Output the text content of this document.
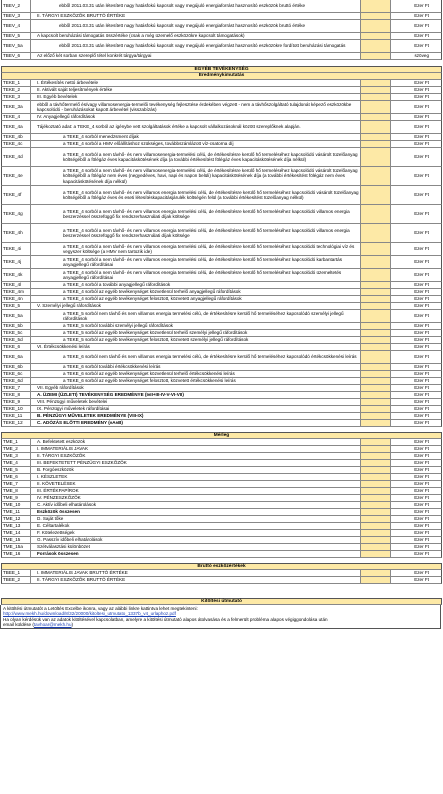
TBEV_2	ebből 2011.03.31 után létesített nagy hatásfokú kapcsolt vagy megújuló energiaforrást hasznosító eszközök bruttó értéke	Ezer Ft
TBEV_3	II. TÁRGYI ESZKÖZÖK BRUTTÓ ÉRTÉKE	Ezer Ft
TBEV_4	ebből 2011.03.31 után létesített nagy hatásfokú kapcsolt vagy megújuló energiaforrást hasznosító eszközök bruttó értéke	Ezer Ft
TBEV_5	A kapcsolt beruházási támogatás összértéke (csak a még üzemelő eszközökre kapcsolt támogatások)	Ezer Ft
TBEV_5a	ebből 2011.03.31 után létesített nagy hatásfokú kapcsolt vagy megújuló energiaforrást hasznosító eszközökre fordított beruházási támogatás	Ezer Ft
TBEV_6	Az előző két sorban szereplő tétel konkrét tárgya/tárgyai	szöveg
EGYÉB TEVÉKENYSÉG
Eredménykimutatás
TEKE_1	I. Értékesítés nettó árbevétele	Ezer Ft
TEKE_2	II. Aktivált saját teljesítmények értéke	Ezer Ft
TEKE_3	III. Egyéb bevételek	Ezer Ft
TEKE_3a
ebből a távhőtermelő és/vagy villamosenergia-termelői tevékenység fejlesztése érdekében végzett - nem a távhőszolgáltató tulajdonát képező eszközökbe kapcsolódó - beruházásokat kapott árbevétel (visszabízás)
Ezer Ft
TEKE_4	IV. Anyagjellegű ráfordítások	Ezer Ft
TEKE_4a	Tájékoztató adat: a TEKE_4 sorból az igénybe vett szolgáltatások értéke a kapcsolt vállalkozásoknál között szereplőknek alapján.	Ezer Ft
TEKE_4b	a TEKE_4 sorból menedzsment díjak	Ezer Ft
TEKE_4c	a TEKE_4 sorból a HMV előállításhoz szükséges, továbbszámlázott víz-csatorna díj	Ezer Ft
TEKE_4d
a TEKE_4 sorból a nem távhő- és nem villamosenergia-termelési célú, de értékesítésre kerülő hő termeléséhez kapcsolódó vásárolt tüzelőanyag költségéből a fölégáz éves kapacitáskötésének díja (a további értékesítést fölégáz éves kapacitáskötésének díja nélkül)
Ezer Ft
TEKE_4e
a TEKE_4 sorból a nem távhő- és nem villamosenergia-termelési célú, de értékesítésre kerülő hő termeléséhez kapcsolódó vásárolt tüzelőanyag költségéből a fölégáz nem éves (negyedéves, havi, napi és napon belüli) kapacitáskötésének díja (a további értékesítést fölégáz nem éves kapacitáskötésének díja nélkül)
Ezer Ft
TEKE_4f
a TEKE_4 sorból a nem távhő- és nem villamos energia termelési célú, de értékesítésre kerülő hő termeléséhez kapcsolódó vásárolt tüzelőanyag költségéből a fölégáz éves és eseti létesítéskapacitásjárulék költségén felül (a további értékesítést tüzelőanyag nélkül)
Ezer Ft
TEKE_4g
a TEKE_4 sorból a nem távhő- és nem villamos energia termelési célú, de értékesítésre kerülő hő termeléséhez kapcsolódó villamos energia beszerzéssel összefüggő fix rendszerhasználati díjak költsége
Ezer Ft
TEKE_4h
a TEKE_4 sorból a nem távhő- és nem villamos energia termelési célú, de értékesítésre kerülő hő termeléséhez kapcsolódó villamos energia beszerzéssel összefüggő fix rendszerhasználati díjak költsége
Ezer Ft
TEKE_4i
a TEKE_4 sorból a nem távhő- és nem villamos energia termelési célú, de értékesítésre kerülő hő termeléséhez kapcsolódó technológiai víz és vegyszer költsége (a HMV nem tartozik ide)
Ezer Ft
TEKE_4j
a TEKE_4 sorból a nem távhő- és nem villamos energia termelési célú, de értékesítésre kerülő hő termeléséhez kapcsolódó karbantartás anyagjellegű ráfordításai
Ezer Ft
TEKE_4k
a TEKE_4 sorból a nem távhő- és nem villamos energia termelési célú, de értékesítésre kerülő hő termeléséhez kapcsolódó üzemeltetés anyagjellegű ráfordításai
Ezer Ft
TEKE_4l	a TEKE_4 sorból a további anyagjellegű ráfordítások	Ezer Ft
TEKE_4m	a TEKE_4 sorból az egyéb tevékenységet közvetlenül terhelő anyagjellegű ráfordítások	Ezer Ft
TEKE_4n	a TEKE_4 sorból az egyéb tevékenységet felosztott, közvetett anyagjellegű ráfordítások	Ezer Ft
TEKE_5	V. Személyi jellegű ráfordítások	Ezer Ft
TEKE_5a
a TEKE_5 sorból nem távhő és nem villamos energia termelési célú, de értékesítésre kerülő hő termeléséhez kapcsolódó személyi jellegű ráfordítások
Ezer Ft
TEKE_5b	a TEKE_5 sorból további személyi jellegű ráfordítások	Ezer Ft
TEKE_5c	a TEKE_5 sorból az egyéb tevékenységet közvetlenül terhelő személyi jellegű ráfordítások	Ezer Ft
TEKE_5d	a TEKE_5 sorból az egyéb tevékenységet felosztott, közvetett személyi jellegű ráfordítások	Ezer Ft
TEKE_6	VI. Értékcsökkenési leírás	Ezer Ft
TEKE_6a	a TEKE_6 sorból nem távhő és nem villamos energia termelési célú, de értékesítésre kerülő hő termeléséhez kapcsolódó értékcsökkenési leírás	Ezer Ft
TEKE_6b	a TEKE_6 sorból további értékcsökkenési leírás	Ezer Ft
TEKE_6c	a TEKE_6 sorból az egyéb tevékenységet közvetlenül terhelő értékcsökkenési leírás	Ezer Ft
TEKE_6d	a TEKE_6 sorból az egyéb tevékenységet felosztott, közvetett értékcsökkenési leírás	Ezer Ft
TEKE_7	VII. Egyéb ráfordítások	Ezer Ft
TEKE_8	A. ÜZEMI (ÜZLETI) TEVÉKENYSÉG EREDMÉNYE (I±II+III-IV-V-VI-VII)	Ezer Ft
TEKE_9	VIII. Pénzügyi műveletek bevételei	Ezer Ft
TEKE_10	IX. Pénzügyi műveletek ráfordításai	Ezer Ft
TEKE_11	B. PÉNZÜGYI MŰVELETEK EREDMÉNYE (VIII-IX)	Ezer Ft
TEKE_12	C. ADÓZÁS ELŐTTI EREDMÉNY (±A±B)	Ezer Ft
Mérleg
TME_1	A. Befektetett eszközök	Ezer Ft
TME_2	I. IMMATERIÁLIS JAVAK	Ezer Ft
TME_3	II. TÁRGYI ESZKÖZÖK	Ezer Ft
TME_4	III. BEFEKTETETT PÉNZÜGYI ESZKÖZÖK	Ezer Ft
TME_5	B. Forgóeszközök	Ezer Ft
TME_6	I. KÉSZLETEK	Ezer Ft
TME_7	II. KÖVETELÉSEK	Ezer Ft
TME_8	III. ÉRTÉKPAPÍROK	Ezer Ft
TME_9	IV. PÉNZESZKÖZÖK	Ezer Ft
TME_10	C. Aktív időbeli elhatárolások	Ezer Ft
TME_11	Eszközök összesen	Ezer Ft
TME_12	D. Saját tőke	Ezer Ft
TME_13	E. Céltartalékok	Ezer Ft
TME_14	F. Kötelezettségek	Ezer Ft
TME_15	G. Passzív időbeli elhatárolások	Ezer Ft
TME_15a	Szétválasztási különbözet	Ezer Ft
TME_16	Források összesen	Ezer Ft
Bruttó eszközértékek
TBEE_1	I. IMMATERIÁLIS JAVAK BRUTTÓ ÉRTÉKE	Ezer Ft
TBEE_2	II. TÁRGYI ESZKÖZÖK BRUTTÓ ÉRTÉKE	Ezer Ft
Kitöltési útmutató
A kitöltési útmutatót a Letöltés Excelbe ikonra, vagy az alábbi linkre kattintva lehet megtekinteni:
http://www.mekh.hu/download/8/32/20000/kitoltesi_utmutato_1337b_v4_urlaphoz.pdf
Ha olyan kérdésük van az adatok kitöltésével kapcsolatban, amelyre a kitöltési útmutató alapos átolvasása és a felmerült probléma alapos végiggondolása után
email küldése (tavhoar@mekh.hu)
